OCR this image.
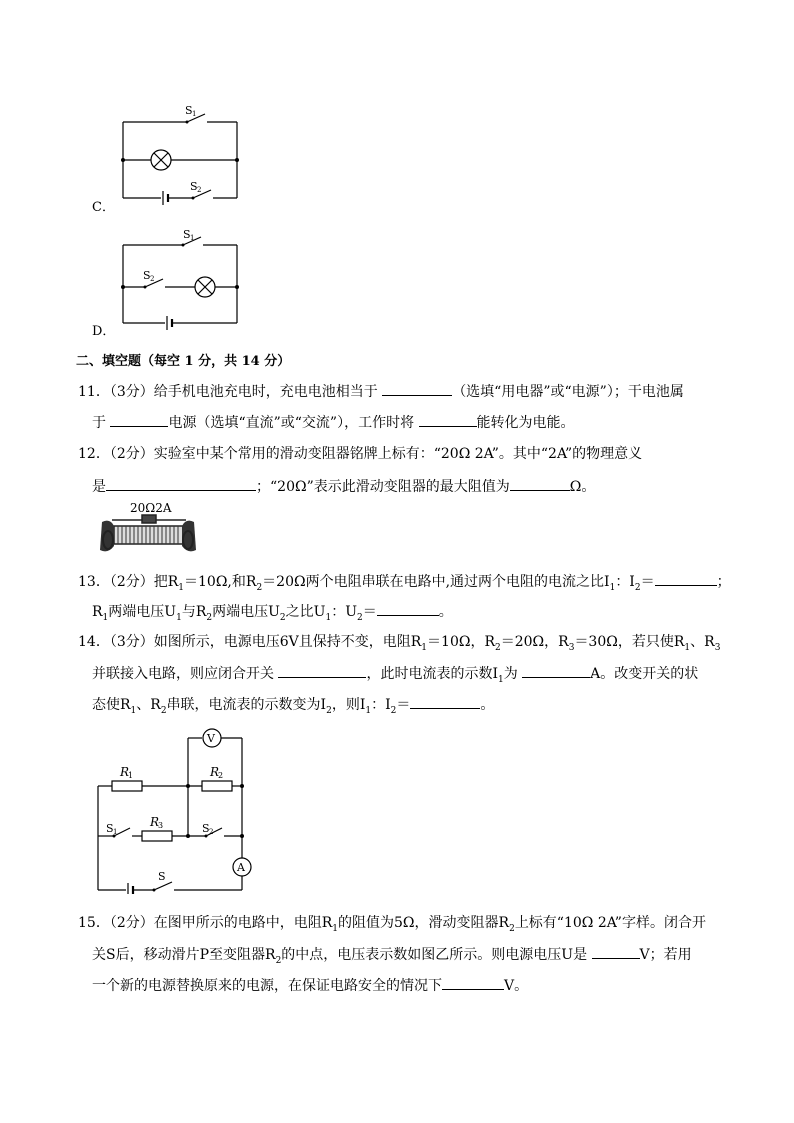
S 1
S 2
C．
S 1
S 2
D．
二、填空题（每空 1 分，共 14 分）
11．（3分）给手机电池充电时，充电电池相当于	（选填“用电器”或“电源”）；干电池属
于	电源（选填“直流”或“交流”），工作时将	能转化为电能。
12．（2分）实验室中某个常用的滑动变阻器铭牌上标有：“20Ω 2A”。其中“2A”的物理意义
是	；“20Ω”表示此滑动变阻器的最大阻值为	Ω。
20Ω2A
13．（2分）把$R_1=10\Omega$,和$R_2=20\Omega$两个电阻串联在电路中,通过两个电阻的电流之比$I_1$：$I_2=$	；
$R_1$两端电压$U_1$与$R_2$两端电压$U_2$之比$U_1$：$U_2=$	。
14．（3分）如图所示，电源电压6V且保持不变，电阻$R_1=10\Omega$，$R_2=20\Omega$，$R_3=30\Omega$，若只使$R_1$、$R_3$
并联接入电路，则应闭合开关	，此时电流表的示数$I_1$为	A。改变开关的状
态使$R_1$、$R_2$串联，电流表的示数变为$I_2$，则$I_1$：$I_2=$	。
V
A
R
1	R
2
R
3
S 1	S 2
S
15．（2分）在图甲所示的电路中，电阻$R_1$的阻值为5Ω，滑动变阻器$R_2$上标有“10Ω 2A”字样。闭合开
关S后，移动滑片P至变阻器$R_2$的中点，电压表示数如图乙所示。则电源电压U是	V；若用
一个新的电源替换原来的电源，在保证电路安全的情况下	V。
